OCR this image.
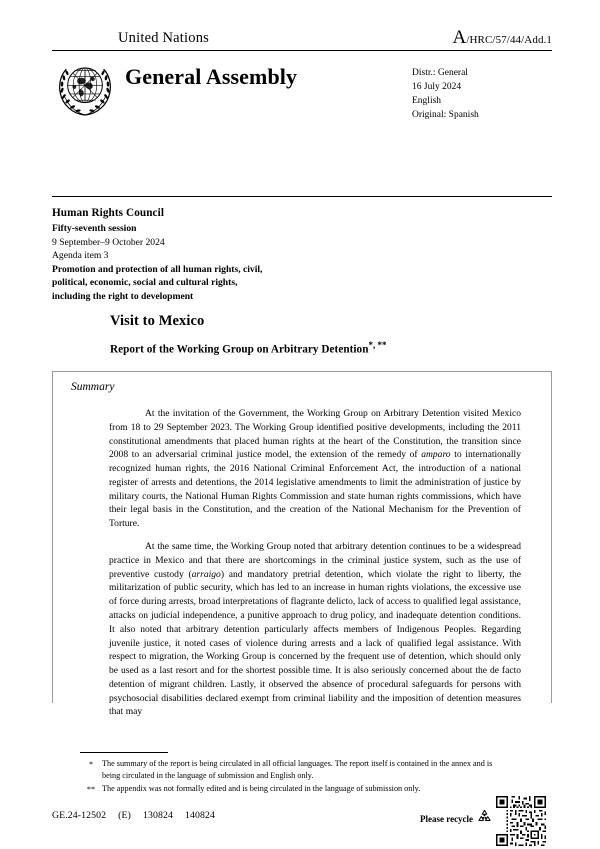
United Nations	A/HRC/57/44/Add.1
General Assembly	Distr.: General
16 July 2024
English
Original: Spanish
Human Rights Council
Fifty-seventh session
9 September–9 October 2024
Agenda item 3
Promotion and protection of all human rights, civil,
political, economic, social and cultural rights,
including the right to development
Visit to Mexico
Report of the Working Group on Arbitrary Detention*, **
Summary

At the invitation of the Government, the Working Group on Arbitrary Detention visited Mexico from 18 to 29 September 2023. The Working Group identified positive developments, including the 2011 constitutional amendments that placed human rights at the heart of the Constitution, the transition since 2008 to an adversarial criminal justice model, the extension of the remedy of amparo to internationally recognized human rights, the 2016 National Criminal Enforcement Act, the introduction of a national register of arrests and detentions, the 2014 legislative amendments to limit the administration of justice by military courts, the National Human Rights Commission and state human rights commissions, which have their legal basis in the Constitution, and the creation of the National Mechanism for the Prevention of Torture.

At the same time, the Working Group noted that arbitrary detention continues to be a widespread practice in Mexico and that there are shortcomings in the criminal justice system, such as the use of preventive custody (arraigo) and mandatory pretrial detention, which violate the right to liberty, the militarization of public security, which has led to an increase in human rights violations, the excessive use of force during arrests, broad interpretations of flagrante delicto, lack of access to qualified legal assistance, attacks on judicial independence, a punitive approach to drug policy, and inadequate detention conditions. It also noted that arbitrary detention particularly affects members of Indigenous Peoples. Regarding juvenile justice, it noted cases of violence during arrests and a lack of qualified legal assistance. With respect to migration, the Working Group is concerned by the frequent use of detention, which should only be used as a last resort and for the shortest possible time. It is also seriously concerned about the de facto detention of migrant children. Lastly, it observed the absence of procedural safeguards for persons with psychosocial disabilities declared exempt from criminal liability and the imposition of detention measures that may

*	The summary of the report is being circulated in all official languages. The report itself is contained in the annex and is being circulated in the language of submission and English only.
** The appendix was not formally edited and is being circulated in the language of submission only.
GE.24-12502 (E) 130824 140824	Please recycle
